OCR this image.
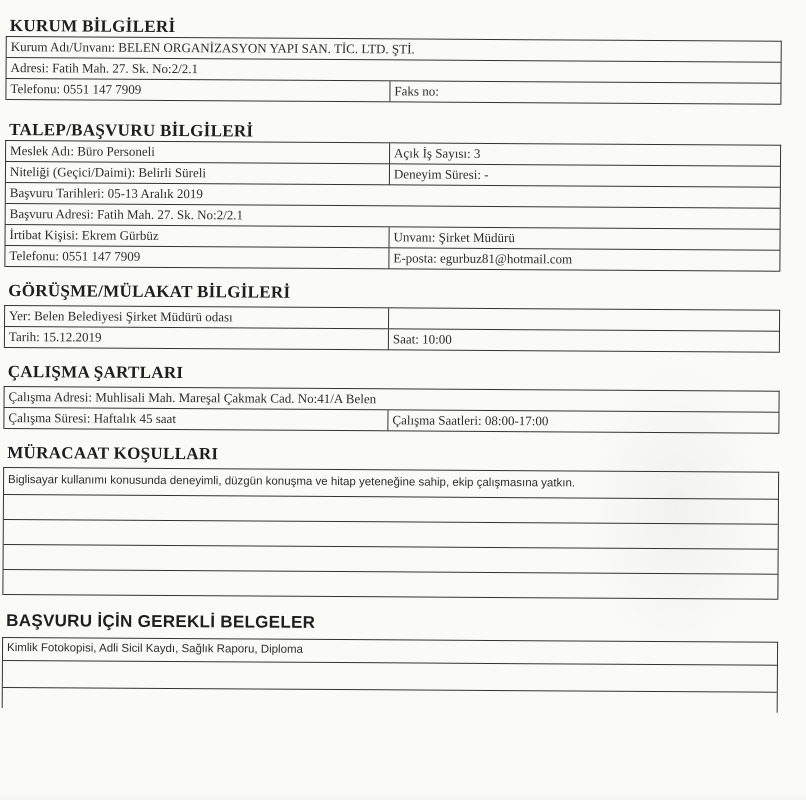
KURUM BİLGİLERİ
Kurum Adı/Unvanı: BELEN ORGANİZASYON YAPI SAN. TİC. LTD. ŞTİ.
Adresi: Fatih Mah. 27. Sk. No:2/2.1
Telefonu: 0551 147 7909	Faks no:
TALEP/BAŞVURU BİLGİLERİ
Meslek Adı: Büro Personeli	Açık İş Sayısı: 3
Niteliği (Geçici/Daimi): Belirli Süreli	Deneyim Süresi: -
Başvuru Tarihleri: 05-13 Aralık 2019
Başvuru Adresi: Fatih Mah. 27. Sk. No:2/2.1
İrtibat Kişisi: Ekrem Gürbüz	Unvanı: Şirket Müdürü
Telefonu: 0551 147 7909	E-posta: egurbuz81@hotmail.com
GÖRÜŞME/MÜLAKAT BİLGİLERİ
Yer: Belen Belediyesi Şirket Müdürü odası
Tarih: 15.12.2019	Saat: 10:00
ÇALIŞMA ŞARTLARI
Çalışma Adresi: Muhlisali Mah. Mareşal Çakmak Cad. No:41/A Belen
Çalışma Süresi: Haftalık 45 saat	Çalışma Saatleri: 08:00-17:00
MÜRACAAT KOŞULLARI
Biglisayar kullanımı konusunda deneyimli, düzgün konuşma ve hitap yeteneğine sahip, ekip çalışmasına yatkın.
BAŞVURU İÇİN GEREKLİ BELGELER
Kimlik Fotokopisi, Adli Sicil Kaydı, Sağlık Raporu, Diploma
